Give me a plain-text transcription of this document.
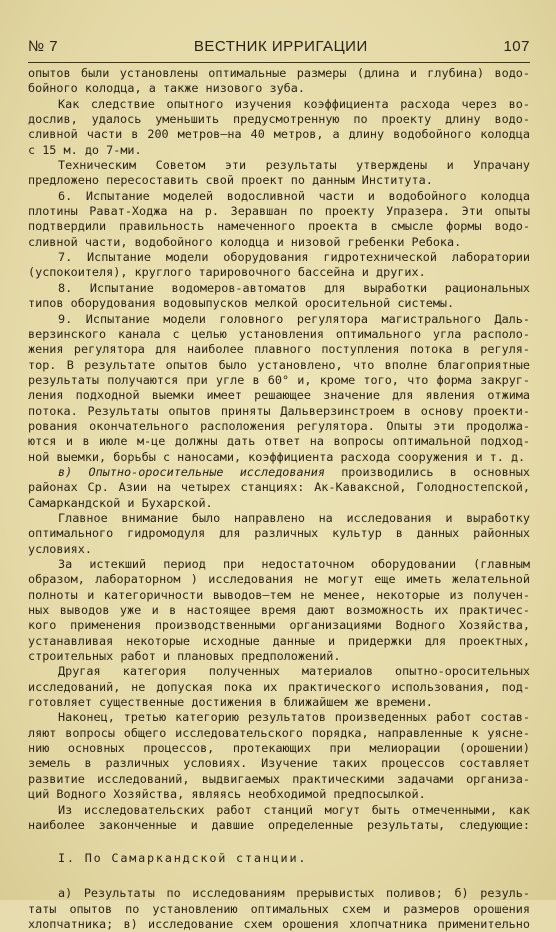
№ 7	ВЕСТНИК ИРРИГАЦИИ	107
опытов были установлены оптимальные размеры (длина и глубина) водо-
бойного колодца, а также низового зуба.
Как следствие опытного изучения коэффициента расхода через во-
дослив, удалось уменьшить предусмотренную по проекту длину водо-
сливной части в 200 метров—на 40 метров, а длину водобойного колодца
с 15 м. до 7-ми.
Техническим Советом эти результаты утверждены и Упрачану
предложено пересоставить свой проект по данным Института.
6. Испытание моделей водосливной части и водобойного колодца
плотины Рават-Ходжа на р. Зеравшан по проекту Упразера. Эти опыты
подтвердили правильность намеченного проекта в смысле формы водо-
сливной части, водобойного колодца и низовой гребенки Ребока.
7. Испытание модели оборудования гидротехнической лаборатории
(успокоителя), круглого тарировочного бассейна и других.
8. Испытание водомеров-автоматов для выработки рациональных
типов оборудования водовыпусков мелкой оросительной системы.
9. Испытание модели головного регулятора магистрального Даль-
верзинского канала с целью установления оптимального угла располо-
жения регулятора для наиболее плавного поступления потока в регуля-
тор. В результате опытов было установлено, что вполне благоприятные
результаты получаются при угле в 60° и, кроме того, что форма закруг-
ления подходной выемки имеет решающее значение для явления отжима
потока. Результаты опытов приняты Дальверзинстроем в основу проекти-
рования окончательного расположения регулятора. Опыты эти продолжа-
ются и в июле м-це должны дать ответ на вопросы оптимальной подход-
ной выемки, борьбы с наносами, коэффициента расхода сооружения и т. д.
в) Опытно-оросительные исследования производились в основных
районах Ср. Азии на четырех станциях: Ак-Каваксной, Голодностепской,
Самаркандской и Бухарской.
Главное внимание было направлено на исследования и выработку
оптимального гидромодуля для различных культур в данных районных
условиях.
За истекший период при недостаточном оборудовании (главным
образом, лабораторном ) исследования не могут еще иметь желательной
полноты и категоричности выводов—тем не менее, некоторые из получен-
ных выводов уже и в настоящее время дают возможность их практичес-
кого применения производственными организациями Водного Хозяйства,
устанавливая некоторые исходные данные и придержки для проектных,
строительных работ и плановых предположений.
Другая категория полученных материалов опытно-оросительных
исследований, не допуская пока их практического использования, под-
готовляет существенные достижения в ближайшем же времени.
Наконец, третью категорию результатов произведенных работ состав-
ляют вопросы общего исследовательского порядка, направленные к уясне-
нию основных процессов, протекающих при мелиорации (орошении)
земель в различных условиях. Изучение таких процессов составляет
развитие исследований, выдвигаемых практическими задачами организа-
ций Водного Хозяйства, являясь необходимой предпосылкой.
Из исследовательских работ станций могут быть отмеченными, как
наиболее законченные и давшие определенные результаты, следующие:
I. По Самаркандской станции.
а) Результаты по исследованиям прерывистых поливов; б) резуль-
таты опытов по установлению оптимальных схем и размеров орошения
хлопчатника; в) исследование схем орошения хлопчатника применительно
